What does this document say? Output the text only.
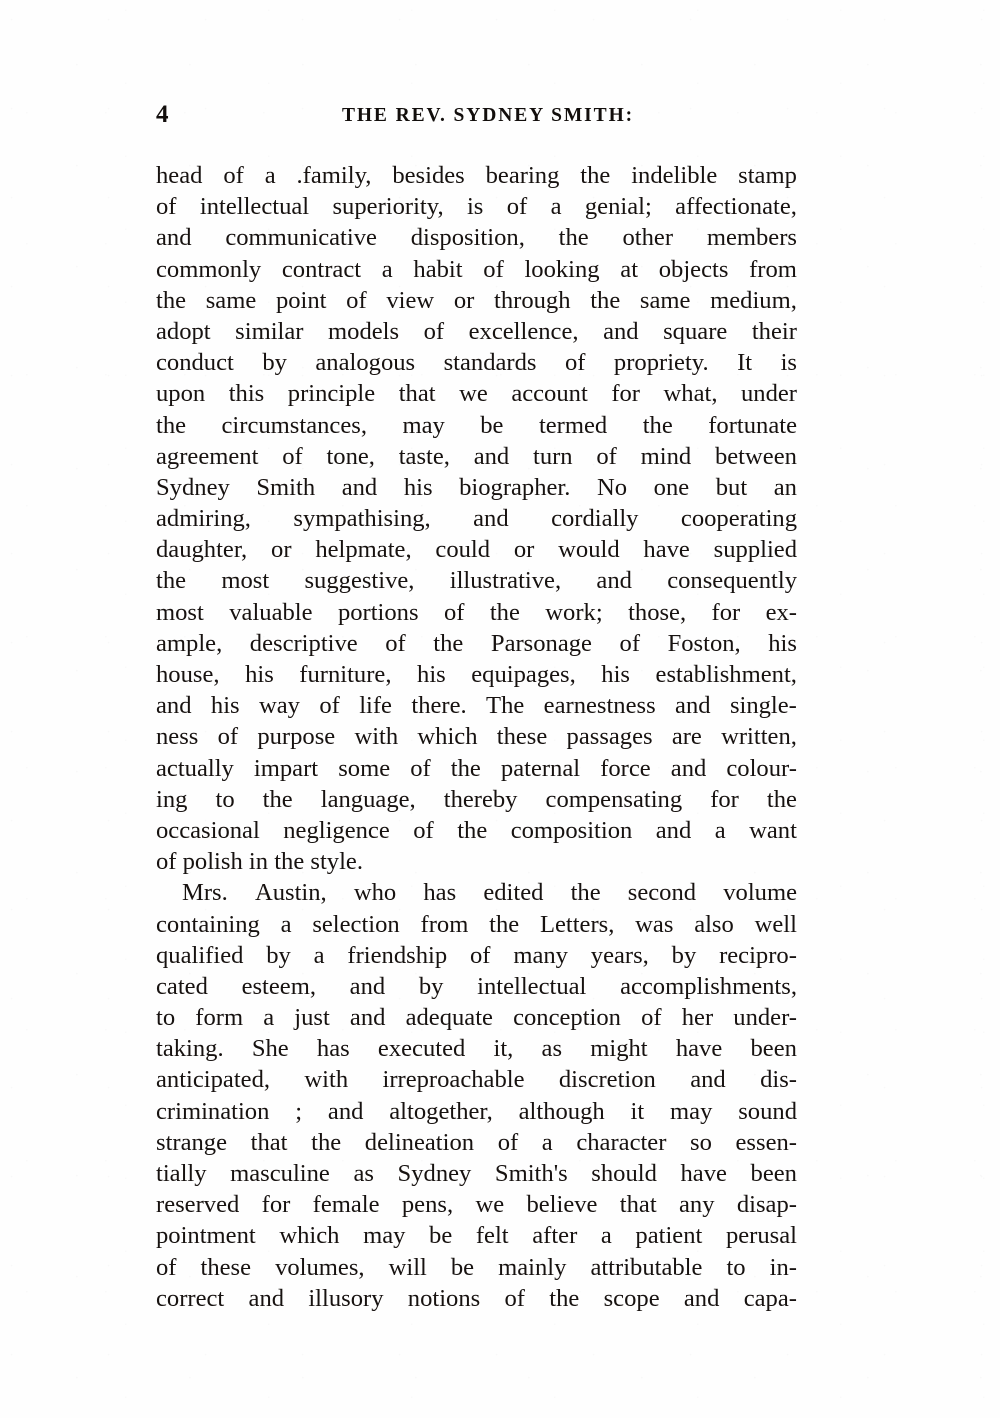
4	THE REV. SYDNEY SMITH:
head of a .family, besides bearing the indelible stamp
of intellectual superiority, is of a genial; affectionate,
and communicative disposition, the other members
commonly contract a habit of looking at objects from
the same point of view or through the same medium,
adopt similar models of excellence, and square their
conduct by analogous standards of propriety. It is
upon this principle that we account for what, under
the circumstances, may be termed the fortunate
agreement of tone, taste, and turn of mind between
Sydney Smith and his biographer. No one but an
admiring, sympathising, and cordially cooperating
daughter, or helpmate, could or would have supplied
the most suggestive, illustrative, and consequently
most valuable portions of the work; those, for ex-
ample, descriptive of the Parsonage of Foston, his
house, his furniture, his equipages, his establishment,
and his way of life there. The earnestness and single-
ness of purpose with which these passages are written,
actually impart some of the paternal force and colour-
ing to the language, thereby compensating for the
occasional negligence of the composition and a want
of polish in the style.
Mrs. Austin, who has edited the second volume
containing a selection from the Letters, was also well
qualified by a friendship of many years, by recipro-
cated esteem, and by intellectual accomplishments,
to form a just and adequate conception of her under-
taking. She has executed it, as might have been
anticipated, with irreproachable discretion and dis-
crimination ; and altogether, although it may sound
strange that the delineation of a character so essen-
tially masculine as Sydney Smith's should have been
reserved for female pens, we believe that any disap-
pointment which may be felt after a patient perusal
of these volumes, will be mainly attributable to in-
correct and illusory notions of the scope and capa-
